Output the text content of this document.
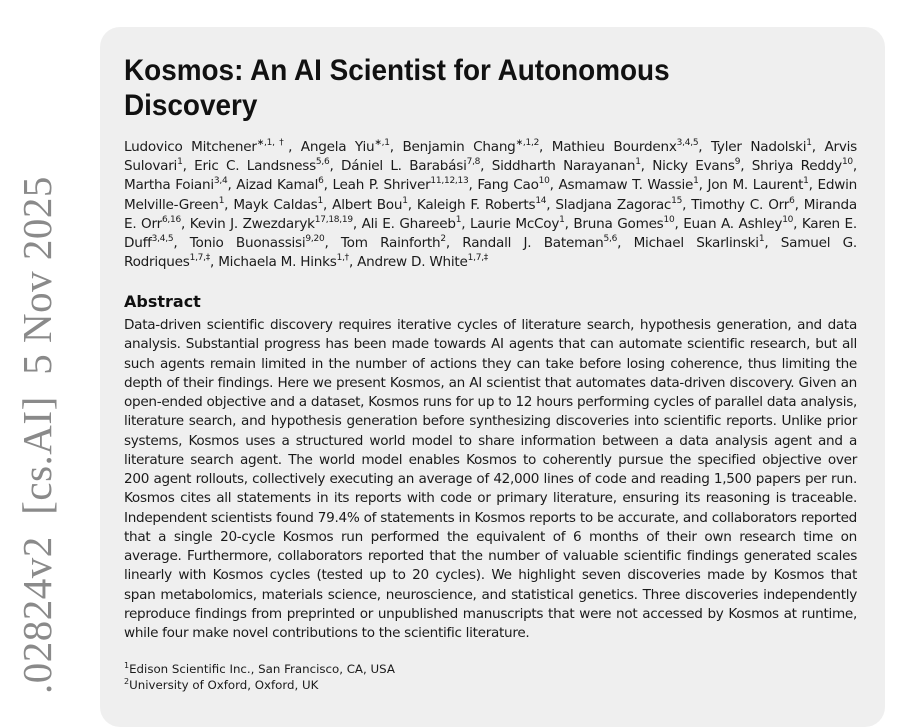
.02824v2  [cs.AI]  5 Nov 2025
Kosmos: An AI Scientist for Autonomous Discovery

Ludovico Mitchener$^{∗,1,\dagger}$, Angela Yiu$^{∗,1}$, Benjamin Chang$^{∗,1,2}$, Mathieu Bourdenx$^{3,4,5}$, Tyler Nadolski$^1$, Arvis Sulovari$^1$, Eric C. Landsness$^{5,6}$, Dániel L. Barabási$^{7,8}$, Siddharth Narayanan$^1$, Nicky Evans$^9$, Shriya Reddy$^{10}$, Martha Foiani$^{3,4}$, Aizad Kamal$^6$, Leah P. Shriver$^{11,12,13}$, Fang Cao$^{10}$, Asmamaw T. Wassie$^1$, Jon M. Laurent$^1$, Edwin Melville-Green$^1$, Mayk Caldas$^1$, Albert Bou$^1$, Kaleigh F. Roberts$^{14}$, Sladjana Zagorac$^{15}$, Timothy C. Orr$^6$, Miranda E. Orr$^{6,16}$, Kevin J. Zwezdaryk$^{17,18,19}$, Ali E. Ghareeb$^1$, Laurie McCoy$^1$, Bruna Gomes$^{10}$, Euan A. Ashley$^{10}$, Karen E. Duff$^{3,4,5}$, Tonio Buonassisi$^{9,20}$, Tom Rainforth$^2$, Randall J. Bateman$^{5,6}$, Michael Skarlinski$^1$, Samuel G. Rodriques$^{1,7,\ddagger}$, Michaela M. Hinks$^{1,\dagger}$, Andrew D. White$^{1,7,\ddagger}$

Abstract
Data-driven scientific discovery requires iterative cycles of literature search, hypothesis generation, and data
analysis. Substantial progress has been made towards AI agents that can automate scientific research, but all
such agents remain limited in the number of actions they can take before losing coherence, thus limiting the
depth of their findings. Here we present Kosmos, an AI scientist that automates data-driven discovery. Given an
open-ended objective and a dataset, Kosmos runs for up to 12 hours performing cycles of parallel data analysis,
literature search, and hypothesis generation before synthesizing discoveries into scientific reports. Unlike prior
systems, Kosmos uses a structured world model to share information between a data analysis agent and a
literature search agent. The world model enables Kosmos to coherently pursue the specified objective over
200 agent rollouts, collectively executing an average of 42,000 lines of code and reading 1,500 papers per run.
Kosmos cites all statements in its reports with code or primary literature, ensuring its reasoning is traceable.
Independent scientists found 79.4% of statements in Kosmos reports to be accurate, and collaborators reported
that a single 20-cycle Kosmos run performed the equivalent of 6 months of their own research time on
average. Furthermore, collaborators reported that the number of valuable scientific findings generated scales
linearly with Kosmos cycles (tested up to 20 cycles). We highlight seven discoveries made by Kosmos that
span metabolomics, materials science, neuroscience, and statistical genetics. Three discoveries independently
reproduce findings from preprinted or unpublished manuscripts that were not accessed by Kosmos at runtime,
while four make novel contributions to the scientific literature.
$^1$Edison Scientific Inc., San Francisco, CA, USA
$^2$University of Oxford, Oxford, UK
